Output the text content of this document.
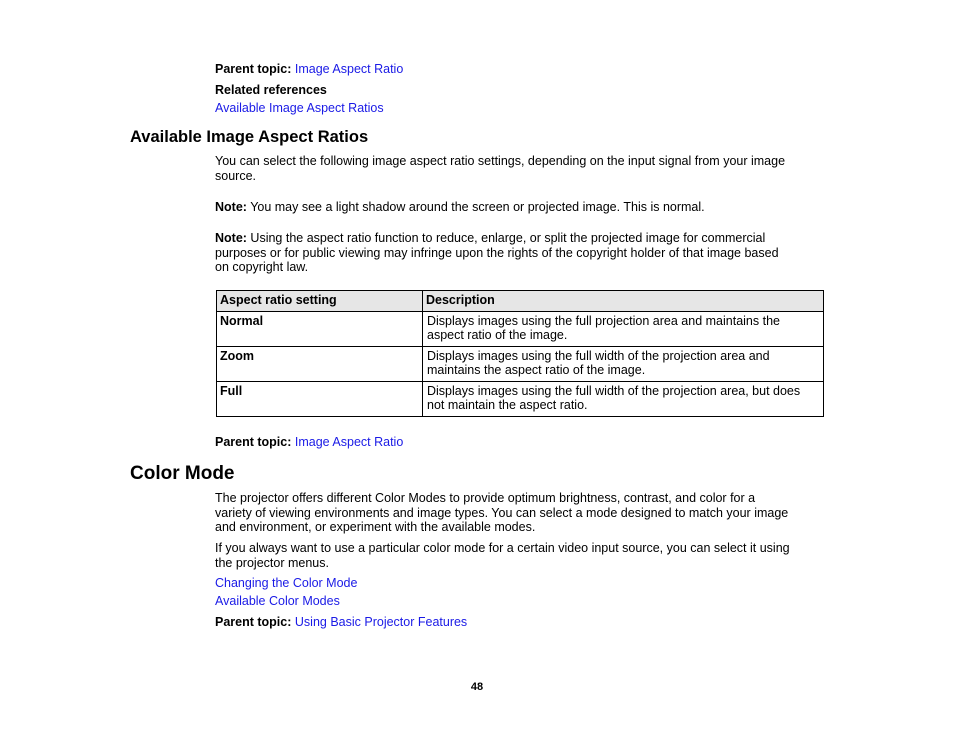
Parent topic: Image Aspect Ratio
Related references
Available Image Aspect Ratios
Available Image Aspect Ratios
You can select the following image aspect ratio settings, depending on the input signal from your image
source.
Note: You may see a light shadow around the screen or projected image. This is normal.
Note: Using the aspect ratio function to reduce, enlarge, or split the projected image for commercial
purposes or for public viewing may infringe upon the rights of the copyright holder of that image based
on copyright law.
Aspect ratio setting	Description
Normal	Displays images using the full projection area and maintains the
aspect ratio of the image.

Zoom	Displays images using the full width of the projection area and
maintains the aspect ratio of the image.

Full	Displays images using the full width of the projection area, but does
not maintain the aspect ratio.
Parent topic: Image Aspect Ratio
Color Mode
The projector offers different Color Modes to provide optimum brightness, contrast, and color for a
variety of viewing environments and image types. You can select a mode designed to match your image
and environment, or experiment with the available modes.
If you always want to use a particular color mode for a certain video input source, you can select it using
the projector menus.
Changing the Color Mode
Available Color Modes
Parent topic: Using Basic Projector Features
48
